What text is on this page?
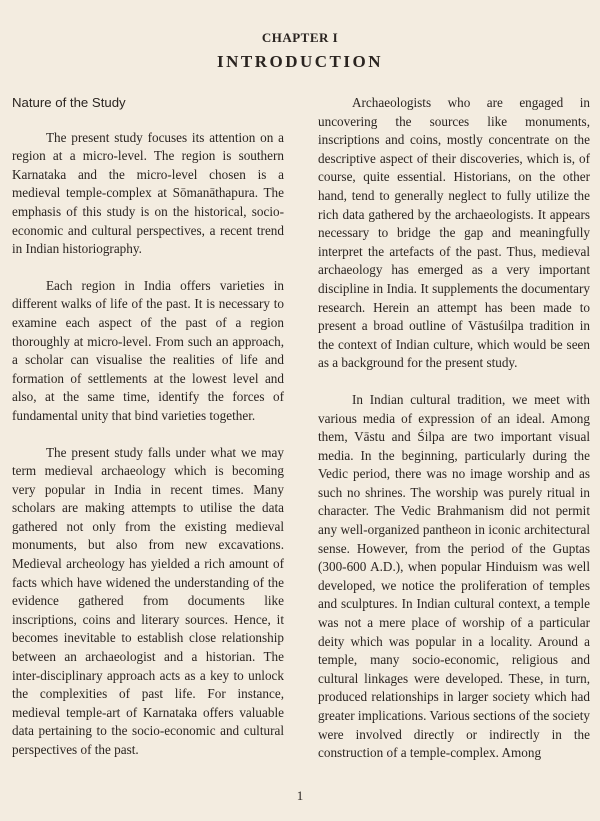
CHAPTER I
INTRODUCTION
Nature of the Study

The present study focuses its attention on a region at a micro-level. The region is southern Karnataka and the micro-level chosen is a medieval temple-complex at Sōmanāthapura. The emphasis of this study is on the historical, socio-economic and cultural perspectives, a recent trend in Indian historiography.

Each region in India offers varieties in different walks of life of the past. It is necessary to examine each aspect of the past of a region thoroughly at micro-level. From such an approach, a scholar can visualise the realities of life and formation of settlements at the lowest level and also, at the same time, identify the forces of fundamental unity that bind varieties together.

The present study falls under what we may term medieval archaeology which is becoming very popular in India in recent times. Many scholars are making attempts to utilise the data gathered not only from the existing medieval monuments, but also from new excavations. Medieval archeology has yielded a rich amount of facts which have widened the understanding of the evidence gathered from documents like inscriptions, coins and literary sources. Hence, it becomes inevitable to establish close relationship between an archaeologist and a historian. The inter-disciplinary approach acts as a key to unlock the complexities of past life. For instance, medieval temple-art of Karnataka offers valuable data pertaining to the socio-economic and cultural perspectives of the past.

Archaeologists who are engaged in uncovering the sources like monuments, inscriptions and coins, mostly concentrate on the descriptive aspect of their discoveries, which is, of course, quite essential. Historians, on the other hand, tend to generally neglect to fully utilize the rich data gathered by the archaeologists. It appears necessary to bridge the gap and meaningfully interpret the artefacts of the past. Thus, medieval archaeology has emerged as a very important discipline in India. It supplements the documentary research. Herein an attempt has been made to present a broad outline of Vāstuśilpa tradition in the context of Indian culture, which would be seen as a background for the present study.

In Indian cultural tradition, we meet with various media of expression of an ideal. Among them, Vāstu and Śilpa are two important visual media. In the beginning, particularly during the Vedic period, there was no image worship and as such no shrines. The worship was purely ritual in character. The Vedic Brahmanism did not permit any well-organized pantheon in iconic architectural sense. However, from the period of the Guptas (300-600 A.D.), when popular Hinduism was well developed, we notice the proliferation of temples and sculptures. In Indian cultural context, a temple was not a mere place of worship of a particular deity which was popular in a locality. Around a temple, many socio-economic, religious and cultural linkages were developed. These, in turn, produced relationships in larger society which had greater implications. Various sections of the society were involved directly or indirectly in the construction of a temple-complex. Among

1
